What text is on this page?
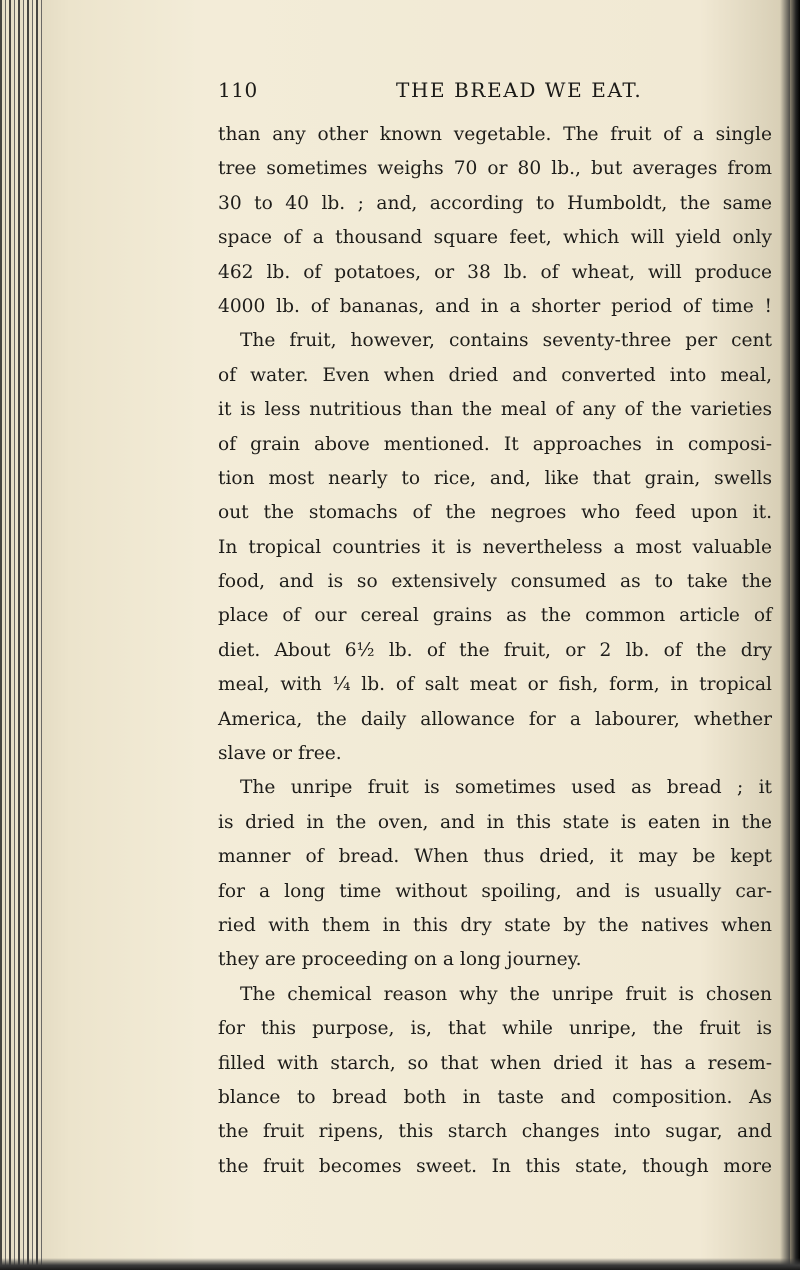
110	THE BREAD WE EAT.
than any other known vegetable. The fruit of a single
tree sometimes weighs 70 or 80 lb., but averages from
30 to 40 lb. ; and, according to Humboldt, the same
space of a thousand square feet, which will yield only
462 lb. of potatoes, or 38 lb. of wheat, will produce
4000 lb. of bananas, and in a shorter period of time !
The fruit, however, contains seventy-three per cent
of water. Even when dried and converted into meal,
it is less nutritious than the meal of any of the varieties
of grain above mentioned. It approaches in composi-
tion most nearly to rice, and, like that grain, swells
out the stomachs of the negroes who feed upon it.
In tropical countries it is nevertheless a most valuable
food, and is so extensively consumed as to take the
place of our cereal grains as the common article of
diet. About 6½ lb. of the fruit, or 2 lb. of the dry
meal, with ¼ lb. of salt meat or fish, form, in tropical
America, the daily allowance for a labourer, whether
slave or free.
The unripe fruit is sometimes used as bread ; it
is dried in the oven, and in this state is eaten in the
manner of bread. When thus dried, it may be kept
for a long time without spoiling, and is usually car-
ried with them in this dry state by the natives when
they are proceeding on a long journey.
The chemical reason why the unripe fruit is chosen
for this purpose, is, that while unripe, the fruit is
filled with starch, so that when dried it has a resem-
blance to bread both in taste and composition. As
the fruit ripens, this starch changes into sugar, and
the fruit becomes sweet. In this state, though more
